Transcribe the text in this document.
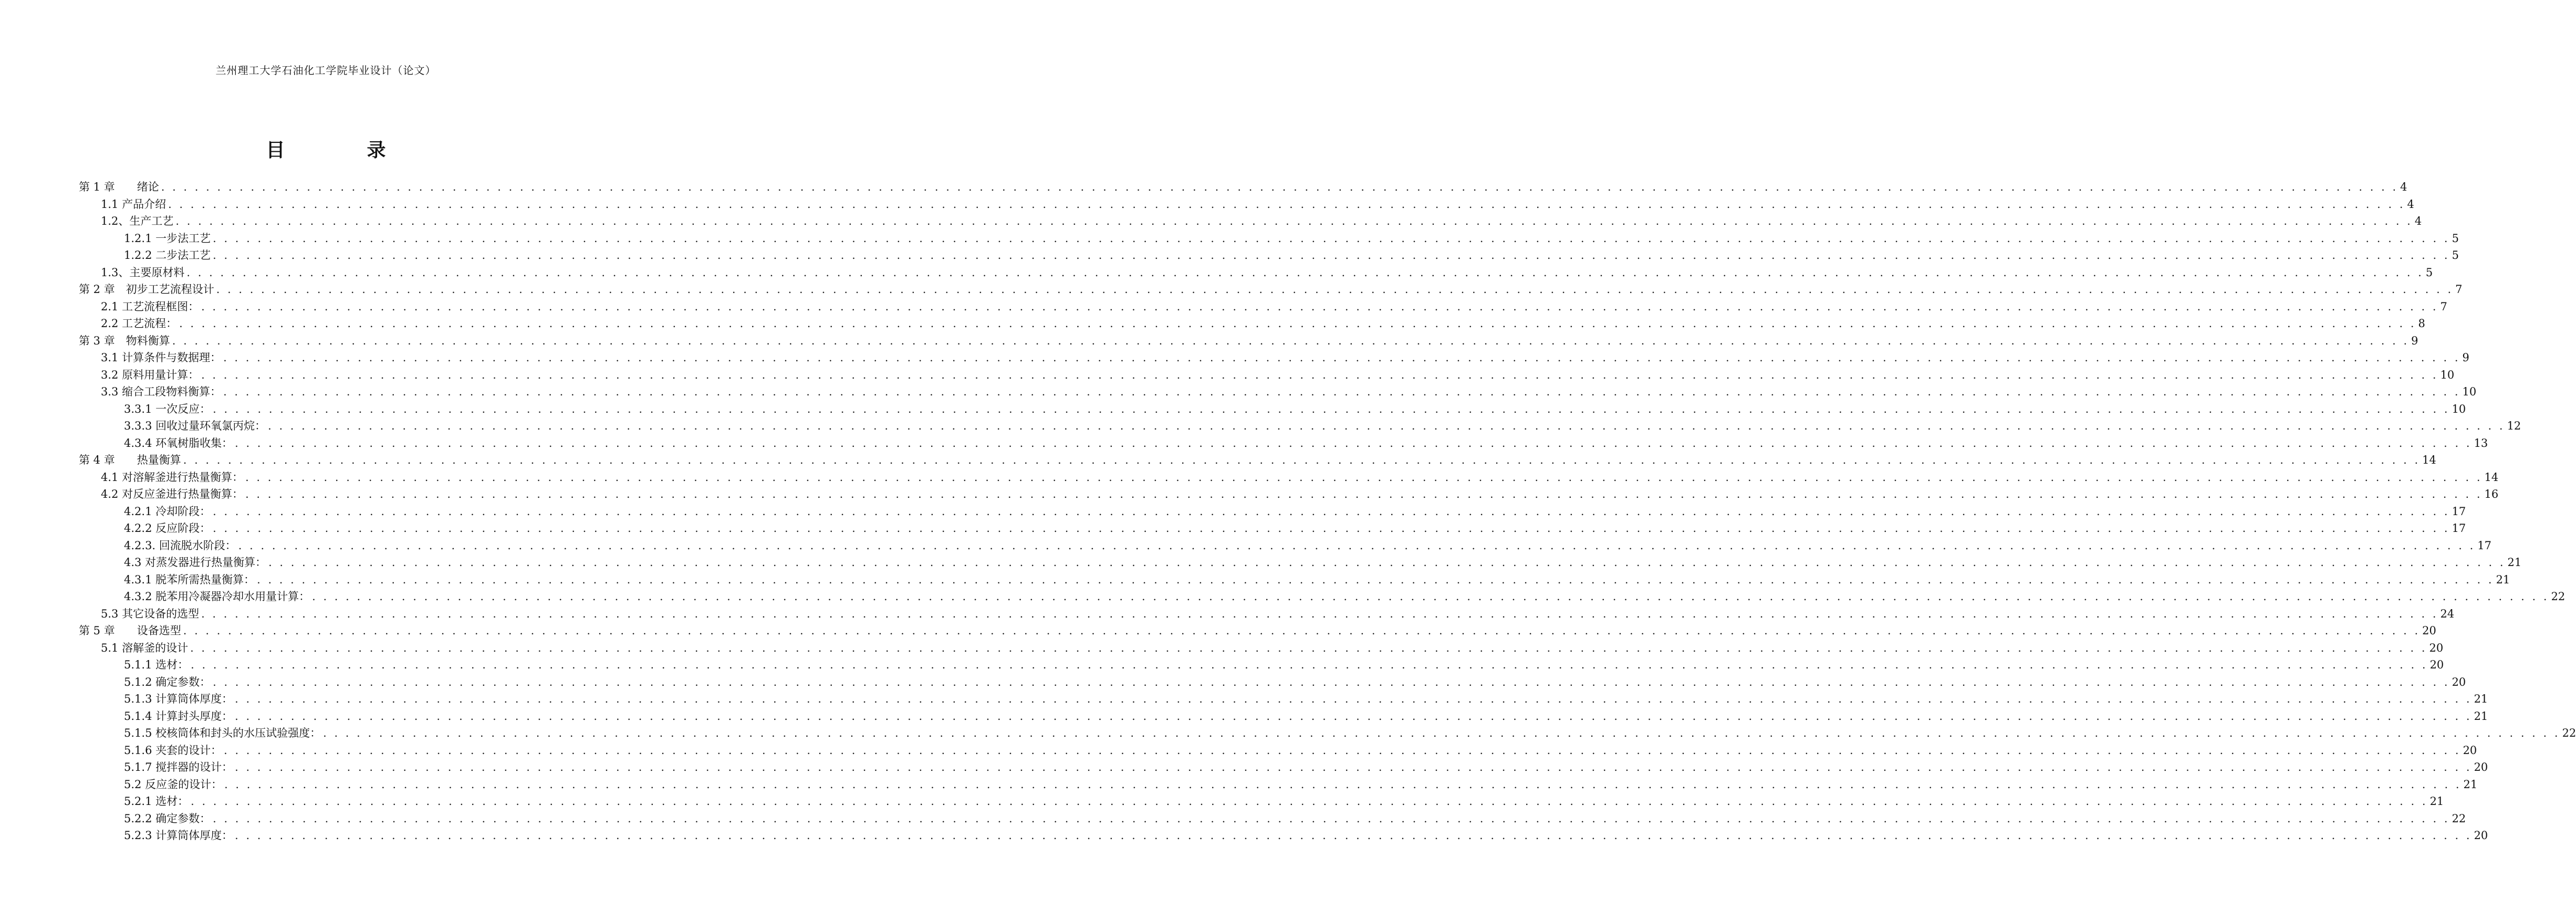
兰州理工大学石油化工学院毕业设计（论文）
目　录
第 1 章　　绪论 . . . . . . . . . . . . . . . . . . . . . . . . . . . . . . . . . . . . . . . . . . . . . . . . . . . . . . . . . . . . . . . . . . . . . . . . . . . . . . . . . . . . . . . . . . . . . . . . . . . . . . . . . . . . . . . . . . . . . . . . . . . . . . . . . . . . . . . . . . . . . . . . . . . . . . . . . . . . . . . . . . . . . . . . . . . . . . . . . . . . . . . . . . . . . . . . . . . . . . . . 4
1.1 产品介绍 . . . . . . . . . . . . . . . . . . . . . . . . . . . . . . . . . . . . . . . . . . . . . . . . . . . . . . . . . . . . . . . . . . . . . . . . . . . . . . . . . . . . . . . . . . . . . . . . . . . . . . . . . . . . . . . . . . . . . . . . . . . . . . . . . . . . . . . . . . . . . . . . . . . . . . . . . . . . . . . . . . . . . . . . . . . . . . . . . . . . . . . . . . . . . . . . . . . . . . . . 4
1.2、生产工艺 . . . . . . . . . . . . . . . . . . . . . . . . . . . . . . . . . . . . . . . . . . . . . . . . . . . . . . . . . . . . . . . . . . . . . . . . . . . . . . . . . . . . . . . . . . . . . . . . . . . . . . . . . . . . . . . . . . . . . . . . . . . . . . . . . . . . . . . . . . . . . . . . . . . . . . . . . . . . . . . . . . . . . . . . . . . . . . . . . . . . . . . . . . . . . . . . . . . . . . . . 4
1.2.1 一步法工艺 . . . . . . . . . . . . . . . . . . . . . . . . . . . . . . . . . . . . . . . . . . . . . . . . . . . . . . . . . . . . . . . . . . . . . . . . . . . . . . . . . . . . . . . . . . . . . . . . . . . . . . . . . . . . . . . . . . . . . . . . . . . . . . . . . . . . . . . . . . . . . . . . . . . . . . . . . . . . . . . . . . . . . . . . . . . . . . . . . . . . . . . . . . . . . . . . . . . . . . . . 5
1.2.2 二步法工艺 . . . . . . . . . . . . . . . . . . . . . . . . . . . . . . . . . . . . . . . . . . . . . . . . . . . . . . . . . . . . . . . . . . . . . . . . . . . . . . . . . . . . . . . . . . . . . . . . . . . . . . . . . . . . . . . . . . . . . . . . . . . . . . . . . . . . . . . . . . . . . . . . . . . . . . . . . . . . . . . . . . . . . . . . . . . . . . . . . . . . . . . . . . . . . . . . . . . . . . . . 5
1.3、主要原材料 . . . . . . . . . . . . . . . . . . . . . . . . . . . . . . . . . . . . . . . . . . . . . . . . . . . . . . . . . . . . . . . . . . . . . . . . . . . . . . . . . . . . . . . . . . . . . . . . . . . . . . . . . . . . . . . . . . . . . . . . . . . . . . . . . . . . . . . . . . . . . . . . . . . . . . . . . . . . . . . . . . . . . . . . . . . . . . . . . . . . . . . . . . . . . . . . . . . . . . . . 5
第 2 章　初步工艺流程设计 . . . . . . . . . . . . . . . . . . . . . . . . . . . . . . . . . . . . . . . . . . . . . . . . . . . . . . . . . . . . . . . . . . . . . . . . . . . . . . . . . . . . . . . . . . . . . . . . . . . . . . . . . . . . . . . . . . . . . . . . . . . . . . . . . . . . . . . . . . . . . . . . . . . . . . . . . . . . . . . . . . . . . . . . . . . . . . . . . . . . . . . . . . . . . . . . . . . . . . . . 7
2.1 工艺流程框图： . . . . . . . . . . . . . . . . . . . . . . . . . . . . . . . . . . . . . . . . . . . . . . . . . . . . . . . . . . . . . . . . . . . . . . . . . . . . . . . . . . . . . . . . . . . . . . . . . . . . . . . . . . . . . . . . . . . . . . . . . . . . . . . . . . . . . . . . . . . . . . . . . . . . . . . . . . . . . . . . . . . . . . . . . . . . . . . . . . . . . . . . . . . . . . . . . . . . . . . . 7
2.2 工艺流程： . . . . . . . . . . . . . . . . . . . . . . . . . . . . . . . . . . . . . . . . . . . . . . . . . . . . . . . . . . . . . . . . . . . . . . . . . . . . . . . . . . . . . . . . . . . . . . . . . . . . . . . . . . . . . . . . . . . . . . . . . . . . . . . . . . . . . . . . . . . . . . . . . . . . . . . . . . . . . . . . . . . . . . . . . . . . . . . . . . . . . . . . . . . . . . . . . . . . . . . . 8
第 3 章　物料衡算 . . . . . . . . . . . . . . . . . . . . . . . . . . . . . . . . . . . . . . . . . . . . . . . . . . . . . . . . . . . . . . . . . . . . . . . . . . . . . . . . . . . . . . . . . . . . . . . . . . . . . . . . . . . . . . . . . . . . . . . . . . . . . . . . . . . . . . . . . . . . . . . . . . . . . . . . . . . . . . . . . . . . . . . . . . . . . . . . . . . . . . . . . . . . . . . . . . . . . . . . 9
3.1 计算条件与数据理： . . . . . . . . . . . . . . . . . . . . . . . . . . . . . . . . . . . . . . . . . . . . . . . . . . . . . . . . . . . . . . . . . . . . . . . . . . . . . . . . . . . . . . . . . . . . . . . . . . . . . . . . . . . . . . . . . . . . . . . . . . . . . . . . . . . . . . . . . . . . . . . . . . . . . . . . . . . . . . . . . . . . . . . . . . . . . . . . . . . . . . . . . . . . . . . . . . . . . . . . 9
3.2 原料用量计算： . . . . . . . . . . . . . . . . . . . . . . . . . . . . . . . . . . . . . . . . . . . . . . . . . . . . . . . . . . . . . . . . . . . . . . . . . . . . . . . . . . . . . . . . . . . . . . . . . . . . . . . . . . . . . . . . . . . . . . . . . . . . . . . . . . . . . . . . . . . . . . . . . . . . . . . . . . . . . . . . . . . . . . . . . . . . . . . . . . . . . . . . . . . . . . . . . . . . . . . . 10
3.3 缩合工段物料衡算： . . . . . . . . . . . . . . . . . . . . . . . . . . . . . . . . . . . . . . . . . . . . . . . . . . . . . . . . . . . . . . . . . . . . . . . . . . . . . . . . . . . . . . . . . . . . . . . . . . . . . . . . . . . . . . . . . . . . . . . . . . . . . . . . . . . . . . . . . . . . . . . . . . . . . . . . . . . . . . . . . . . . . . . . . . . . . . . . . . . . . . . . . . . . . . . . . . . . . . . . 10
3.3.1 一次反应： . . . . . . . . . . . . . . . . . . . . . . . . . . . . . . . . . . . . . . . . . . . . . . . . . . . . . . . . . . . . . . . . . . . . . . . . . . . . . . . . . . . . . . . . . . . . . . . . . . . . . . . . . . . . . . . . . . . . . . . . . . . . . . . . . . . . . . . . . . . . . . . . . . . . . . . . . . . . . . . . . . . . . . . . . . . . . . . . . . . . . . . . . . . . . . . . . . . . . . . . 10
3.3.3 回收过量环氧氯丙烷： . . . . . . . . . . . . . . . . . . . . . . . . . . . . . . . . . . . . . . . . . . . . . . . . . . . . . . . . . . . . . . . . . . . . . . . . . . . . . . . . . . . . . . . . . . . . . . . . . . . . . . . . . . . . . . . . . . . . . . . . . . . . . . . . . . . . . . . . . . . . . . . . . . . . . . . . . . . . . . . . . . . . . . . . . . . . . . . . . . . . . . . . . . . . . . . . . . . . . . . . 12
4.3.4 环氧树脂收集： . . . . . . . . . . . . . . . . . . . . . . . . . . . . . . . . . . . . . . . . . . . . . . . . . . . . . . . . . . . . . . . . . . . . . . . . . . . . . . . . . . . . . . . . . . . . . . . . . . . . . . . . . . . . . . . . . . . . . . . . . . . . . . . . . . . . . . . . . . . . . . . . . . . . . . . . . . . . . . . . . . . . . . . . . . . . . . . . . . . . . . . . . . . . . . . . . . . . . . . . 13
第 4 章　　热量衡算 . . . . . . . . . . . . . . . . . . . . . . . . . . . . . . . . . . . . . . . . . . . . . . . . . . . . . . . . . . . . . . . . . . . . . . . . . . . . . . . . . . . . . . . . . . . . . . . . . . . . . . . . . . . . . . . . . . . . . . . . . . . . . . . . . . . . . . . . . . . . . . . . . . . . . . . . . . . . . . . . . . . . . . . . . . . . . . . . . . . . . . . . . . . . . . . . . . . . . . . . 14
4.1 对溶解釜进行热量衡算： . . . . . . . . . . . . . . . . . . . . . . . . . . . . . . . . . . . . . . . . . . . . . . . . . . . . . . . . . . . . . . . . . . . . . . . . . . . . . . . . . . . . . . . . . . . . . . . . . . . . . . . . . . . . . . . . . . . . . . . . . . . . . . . . . . . . . . . . . . . . . . . . . . . . . . . . . . . . . . . . . . . . . . . . . . . . . . . . . . . . . . . . . . . . . . . . . . . . . . . . 14
4.2 对反应釜进行热量衡算： . . . . . . . . . . . . . . . . . . . . . . . . . . . . . . . . . . . . . . . . . . . . . . . . . . . . . . . . . . . . . . . . . . . . . . . . . . . . . . . . . . . . . . . . . . . . . . . . . . . . . . . . . . . . . . . . . . . . . . . . . . . . . . . . . . . . . . . . . . . . . . . . . . . . . . . . . . . . . . . . . . . . . . . . . . . . . . . . . . . . . . . . . . . . . . . . . . . . . . . . 16
4.2.1 冷却阶段： . . . . . . . . . . . . . . . . . . . . . . . . . . . . . . . . . . . . . . . . . . . . . . . . . . . . . . . . . . . . . . . . . . . . . . . . . . . . . . . . . . . . . . . . . . . . . . . . . . . . . . . . . . . . . . . . . . . . . . . . . . . . . . . . . . . . . . . . . . . . . . . . . . . . . . . . . . . . . . . . . . . . . . . . . . . . . . . . . . . . . . . . . . . . . . . . . . . . . . . . 17
4.2.2 反应阶段： . . . . . . . . . . . . . . . . . . . . . . . . . . . . . . . . . . . . . . . . . . . . . . . . . . . . . . . . . . . . . . . . . . . . . . . . . . . . . . . . . . . . . . . . . . . . . . . . . . . . . . . . . . . . . . . . . . . . . . . . . . . . . . . . . . . . . . . . . . . . . . . . . . . . . . . . . . . . . . . . . . . . . . . . . . . . . . . . . . . . . . . . . . . . . . . . . . . . . . . . 17
4.2.3. 回流脱水阶段： . . . . . . . . . . . . . . . . . . . . . . . . . . . . . . . . . . . . . . . . . . . . . . . . . . . . . . . . . . . . . . . . . . . . . . . . . . . . . . . . . . . . . . . . . . . . . . . . . . . . . . . . . . . . . . . . . . . . . . . . . . . . . . . . . . . . . . . . . . . . . . . . . . . . . . . . . . . . . . . . . . . . . . . . . . . . . . . . . . . . . . . . . . . . . . . . . . . . . . . . 17
4.3 对蒸发器进行热量衡算： . . . . . . . . . . . . . . . . . . . . . . . . . . . . . . . . . . . . . . . . . . . . . . . . . . . . . . . . . . . . . . . . . . . . . . . . . . . . . . . . . . . . . . . . . . . . . . . . . . . . . . . . . . . . . . . . . . . . . . . . . . . . . . . . . . . . . . . . . . . . . . . . . . . . . . . . . . . . . . . . . . . . . . . . . . . . . . . . . . . . . . . . . . . . . . . . . . . . . . . . 21
4.3.1 脱苯所需热量衡算： . . . . . . . . . . . . . . . . . . . . . . . . . . . . . . . . . . . . . . . . . . . . . . . . . . . . . . . . . . . . . . . . . . . . . . . . . . . . . . . . . . . . . . . . . . . . . . . . . . . . . . . . . . . . . . . . . . . . . . . . . . . . . . . . . . . . . . . . . . . . . . . . . . . . . . . . . . . . . . . . . . . . . . . . . . . . . . . . . . . . . . . . . . . . . . . . . . . . . . . . 21
4.3.2 脱苯用冷凝器冷却水用量计算： . . . . . . . . . . . . . . . . . . . . . . . . . . . . . . . . . . . . . . . . . . . . . . . . . . . . . . . . . . . . . . . . . . . . . . . . . . . . . . . . . . . . . . . . . . . . . . . . . . . . . . . . . . . . . . . . . . . . . . . . . . . . . . . . . . . . . . . . . . . . . . . . . . . . . . . . . . . . . . . . . . . . . . . . . . . . . . . . . . . . . . . . . . . . . . . . . . . . . . . . 22
5.3 其它设备的选型 . . . . . . . . . . . . . . . . . . . . . . . . . . . . . . . . . . . . . . . . . . . . . . . . . . . . . . . . . . . . . . . . . . . . . . . . . . . . . . . . . . . . . . . . . . . . . . . . . . . . . . . . . . . . . . . . . . . . . . . . . . . . . . . . . . . . . . . . . . . . . . . . . . . . . . . . . . . . . . . . . . . . . . . . . . . . . . . . . . . . . . . . . . . . . . . . . . . . . . . . 24
第 5 章　　设备选型 . . . . . . . . . . . . . . . . . . . . . . . . . . . . . . . . . . . . . . . . . . . . . . . . . . . . . . . . . . . . . . . . . . . . . . . . . . . . . . . . . . . . . . . . . . . . . . . . . . . . . . . . . . . . . . . . . . . . . . . . . . . . . . . . . . . . . . . . . . . . . . . . . . . . . . . . . . . . . . . . . . . . . . . . . . . . . . . . . . . . . . . . . . . . . . . . . . . . . . . . 20
5.1 溶解釜的设计 . . . . . . . . . . . . . . . . . . . . . . . . . . . . . . . . . . . . . . . . . . . . . . . . . . . . . . . . . . . . . . . . . . . . . . . . . . . . . . . . . . . . . . . . . . . . . . . . . . . . . . . . . . . . . . . . . . . . . . . . . . . . . . . . . . . . . . . . . . . . . . . . . . . . . . . . . . . . . . . . . . . . . . . . . . . . . . . . . . . . . . . . . . . . . . . . . . . . . . . . 20
5.1.1 选材： . . . . . . . . . . . . . . . . . . . . . . . . . . . . . . . . . . . . . . . . . . . . . . . . . . . . . . . . . . . . . . . . . . . . . . . . . . . . . . . . . . . . . . . . . . . . . . . . . . . . . . . . . . . . . . . . . . . . . . . . . . . . . . . . . . . . . . . . . . . . . . . . . . . . . . . . . . . . . . . . . . . . . . . . . . . . . . . . . . . . . . . . . . . . . . . . . . . . . . . . 20
5.1.2 确定参数： . . . . . . . . . . . . . . . . . . . . . . . . . . . . . . . . . . . . . . . . . . . . . . . . . . . . . . . . . . . . . . . . . . . . . . . . . . . . . . . . . . . . . . . . . . . . . . . . . . . . . . . . . . . . . . . . . . . . . . . . . . . . . . . . . . . . . . . . . . . . . . . . . . . . . . . . . . . . . . . . . . . . . . . . . . . . . . . . . . . . . . . . . . . . . . . . . . . . . . . . 20
5.1.3 计算筒体厚度： . . . . . . . . . . . . . . . . . . . . . . . . . . . . . . . . . . . . . . . . . . . . . . . . . . . . . . . . . . . . . . . . . . . . . . . . . . . . . . . . . . . . . . . . . . . . . . . . . . . . . . . . . . . . . . . . . . . . . . . . . . . . . . . . . . . . . . . . . . . . . . . . . . . . . . . . . . . . . . . . . . . . . . . . . . . . . . . . . . . . . . . . . . . . . . . . . . . . . . . . 21
5.1.4 计算封头厚度： . . . . . . . . . . . . . . . . . . . . . . . . . . . . . . . . . . . . . . . . . . . . . . . . . . . . . . . . . . . . . . . . . . . . . . . . . . . . . . . . . . . . . . . . . . . . . . . . . . . . . . . . . . . . . . . . . . . . . . . . . . . . . . . . . . . . . . . . . . . . . . . . . . . . . . . . . . . . . . . . . . . . . . . . . . . . . . . . . . . . . . . . . . . . . . . . . . . . . . . . 21
5.1.5 校核筒体和封头的水压试验强度： . . . . . . . . . . . . . . . . . . . . . . . . . . . . . . . . . . . . . . . . . . . . . . . . . . . . . . . . . . . . . . . . . . . . . . . . . . . . . . . . . . . . . . . . . . . . . . . . . . . . . . . . . . . . . . . . . . . . . . . . . . . . . . . . . . . . . . . . . . . . . . . . . . . . . . . . . . . . . . . . . . . . . . . . . . . . . . . . . . . . . . . . . . . . . . . . . . . . . . . . 22
5.1.6 夹套的设计： . . . . . . . . . . . . . . . . . . . . . . . . . . . . . . . . . . . . . . . . . . . . . . . . . . . . . . . . . . . . . . . . . . . . . . . . . . . . . . . . . . . . . . . . . . . . . . . . . . . . . . . . . . . . . . . . . . . . . . . . . . . . . . . . . . . . . . . . . . . . . . . . . . . . . . . . . . . . . . . . . . . . . . . . . . . . . . . . . . . . . . . . . . . . . . . . . . . . . . . . 20
5.1.7 搅拌器的设计： . . . . . . . . . . . . . . . . . . . . . . . . . . . . . . . . . . . . . . . . . . . . . . . . . . . . . . . . . . . . . . . . . . . . . . . . . . . . . . . . . . . . . . . . . . . . . . . . . . . . . . . . . . . . . . . . . . . . . . . . . . . . . . . . . . . . . . . . . . . . . . . . . . . . . . . . . . . . . . . . . . . . . . . . . . . . . . . . . . . . . . . . . . . . . . . . . . . . . . . . 20
5.2 反应釜的设计： . . . . . . . . . . . . . . . . . . . . . . . . . . . . . . . . . . . . . . . . . . . . . . . . . . . . . . . . . . . . . . . . . . . . . . . . . . . . . . . . . . . . . . . . . . . . . . . . . . . . . . . . . . . . . . . . . . . . . . . . . . . . . . . . . . . . . . . . . . . . . . . . . . . . . . . . . . . . . . . . . . . . . . . . . . . . . . . . . . . . . . . . . . . . . . . . . . . . . . . . 21
5.2.1 选材： . . . . . . . . . . . . . . . . . . . . . . . . . . . . . . . . . . . . . . . . . . . . . . . . . . . . . . . . . . . . . . . . . . . . . . . . . . . . . . . . . . . . . . . . . . . . . . . . . . . . . . . . . . . . . . . . . . . . . . . . . . . . . . . . . . . . . . . . . . . . . . . . . . . . . . . . . . . . . . . . . . . . . . . . . . . . . . . . . . . . . . . . . . . . . . . . . . . . . . . . 21
5.2.2 确定参数： . . . . . . . . . . . . . . . . . . . . . . . . . . . . . . . . . . . . . . . . . . . . . . . . . . . . . . . . . . . . . . . . . . . . . . . . . . . . . . . . . . . . . . . . . . . . . . . . . . . . . . . . . . . . . . . . . . . . . . . . . . . . . . . . . . . . . . . . . . . . . . . . . . . . . . . . . . . . . . . . . . . . . . . . . . . . . . . . . . . . . . . . . . . . . . . . . . . . . . . . 22
5.2.3 计算筒体厚度： . . . . . . . . . . . . . . . . . . . . . . . . . . . . . . . . . . . . . . . . . . . . . . . . . . . . . . . . . . . . . . . . . . . . . . . . . . . . . . . . . . . . . . . . . . . . . . . . . . . . . . . . . . . . . . . . . . . . . . . . . . . . . . . . . . . . . . . . . . . . . . . . . . . . . . . . . . . . . . . . . . . . . . . . . . . . . . . . . . . . . . . . . . . . . . . . . . . . . . . . 20
